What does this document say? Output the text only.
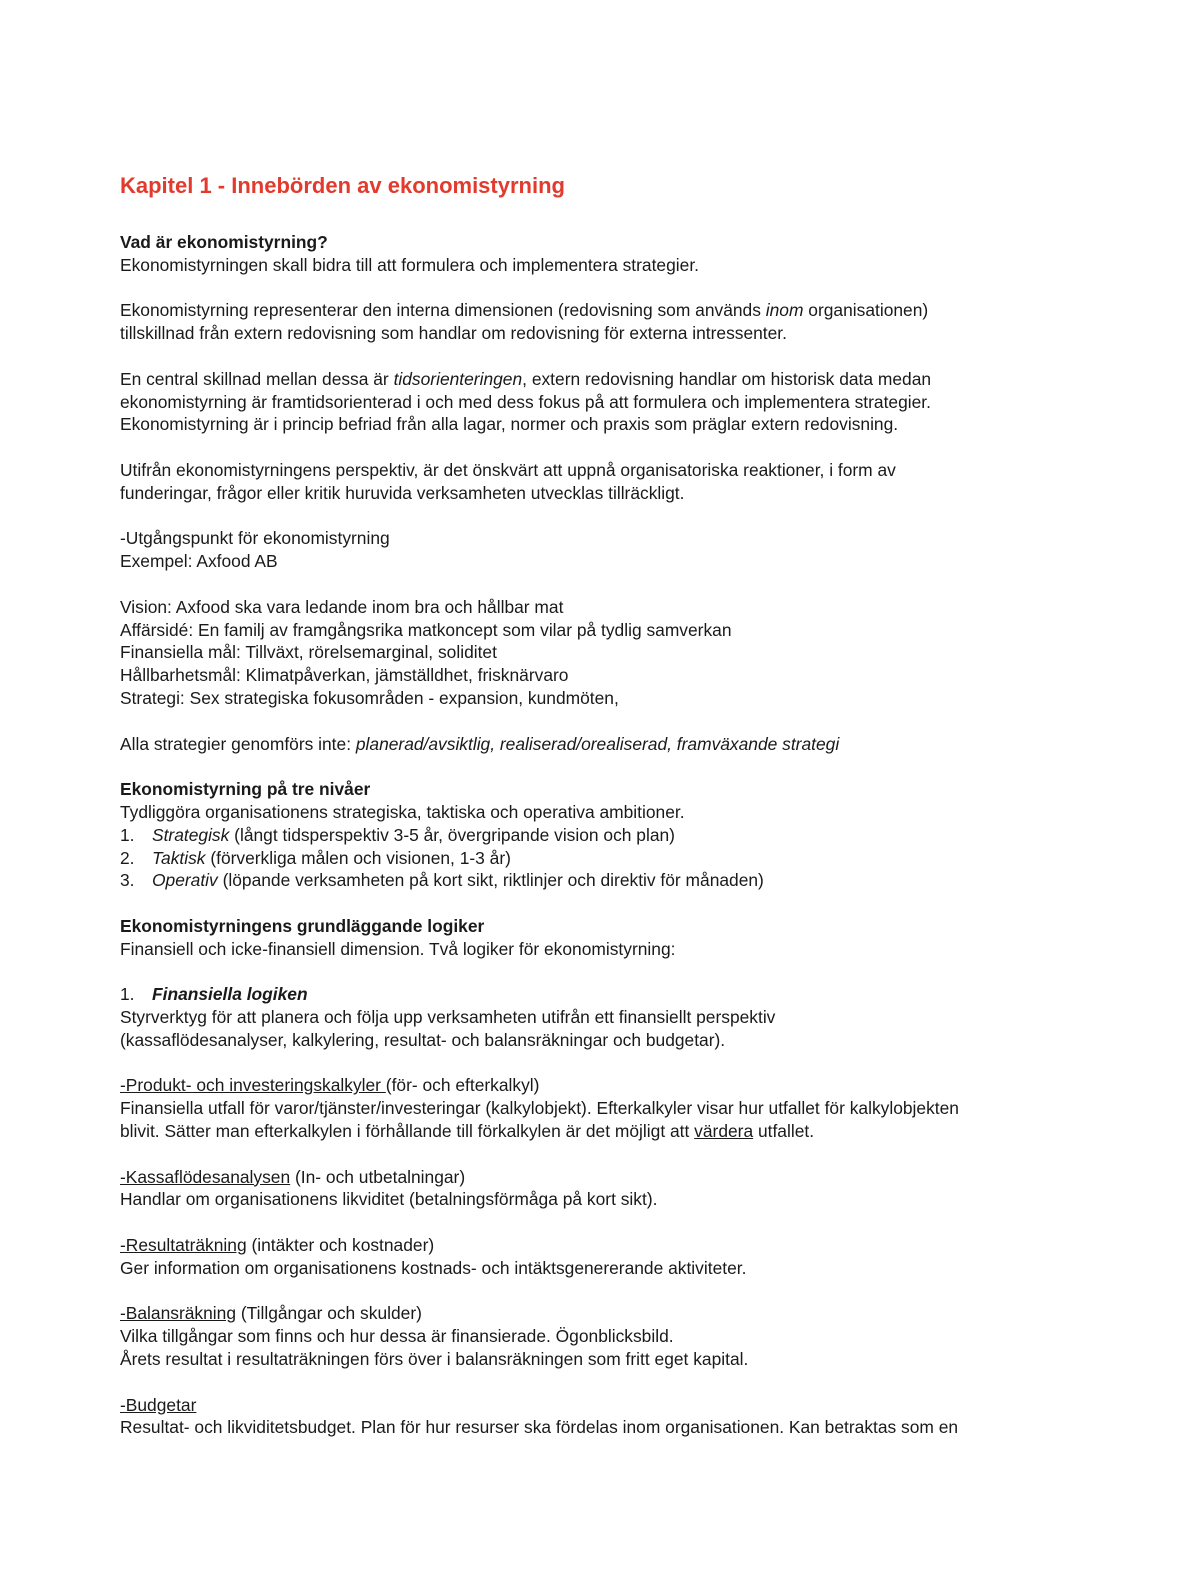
Kapitel 1 - Innebörden av ekonomistyrning
Vad är ekonomistyrning?
Ekonomistyrningen skall bidra till att formulera och implementera strategier.
Ekonomistyrning representerar den interna dimensionen (redovisning som används inom organisationen)
tillskillnad från extern redovisning som handlar om redovisning för externa intressenter.
En central skillnad mellan dessa är tidsorienteringen, extern redovisning handlar om historisk data medan
ekonomistyrning är framtidsorienterad i och med dess fokus på att formulera och implementera strategier.
Ekonomistyrning är i princip befriad från alla lagar, normer och praxis som präglar extern redovisning.
Utifrån ekonomistyrningens perspektiv, är det önskvärt att uppnå organisatoriska reaktioner, i form av
funderingar, frågor eller kritik huruvida verksamheten utvecklas tillräckligt.
-Utgångspunkt för ekonomistyrning
Exempel: Axfood AB
Vision: Axfood ska vara ledande inom bra och hållbar mat
Affärsidé: En familj av framgångsrika matkoncept som vilar på tydlig samverkan
Finansiella mål: Tillväxt, rörelsemarginal, soliditet
Hållbarhetsmål: Klimatpåverkan, jämställdhet, frisknärvaro
Strategi: Sex strategiska fokusområden - expansion, kundmöten,
Alla strategier genomförs inte: planerad/avsiktlig, realiserad/orealiserad, framväxande strategi
Ekonomistyrning på tre nivåer
Tydliggöra organisationens strategiska, taktiska och operativa ambitioner.
1. Strategisk (långt tidsperspektiv 3-5 år, övergripande vision och plan)
2. Taktisk (förverkliga målen och visionen, 1-3 år)
3. Operativ (löpande verksamheten på kort sikt, riktlinjer och direktiv för månaden)
Ekonomistyrningens grundläggande logiker
Finansiell och icke-finansiell dimension. Två logiker för ekonomistyrning:
1. Finansiella logiken
Styrverktyg för att planera och följa upp verksamheten utifrån ett finansiellt perspektiv
(kassaflödesanalyser, kalkylering, resultat- och balansräkningar och budgetar).
-Produkt- och investeringskalkyler (för- och efterkalkyl)
Finansiella utfall för varor/tjänster/investeringar (kalkylobjekt). Efterkalkyler visar hur utfallet för kalkylobjekten
blivit. Sätter man efterkalkylen i förhållande till förkalkylen är det möjligt att värdera utfallet.
-Kassaflödesanalysen (In- och utbetalningar)
Handlar om organisationens likviditet (betalningsförmåga på kort sikt).
-Resultaträkning (intäkter och kostnader)
Ger information om organisationens kostnads- och intäktsgenererande aktiviteter.
-Balansräkning (Tillgångar och skulder)
Vilka tillgångar som finns och hur dessa är finansierade. Ögonblicksbild.
Årets resultat i resultaträkningen förs över i balansräkningen som fritt eget kapital.
-Budgetar
Resultat- och likviditetsbudget. Plan för hur resurser ska fördelas inom organisationen. Kan betraktas som en
